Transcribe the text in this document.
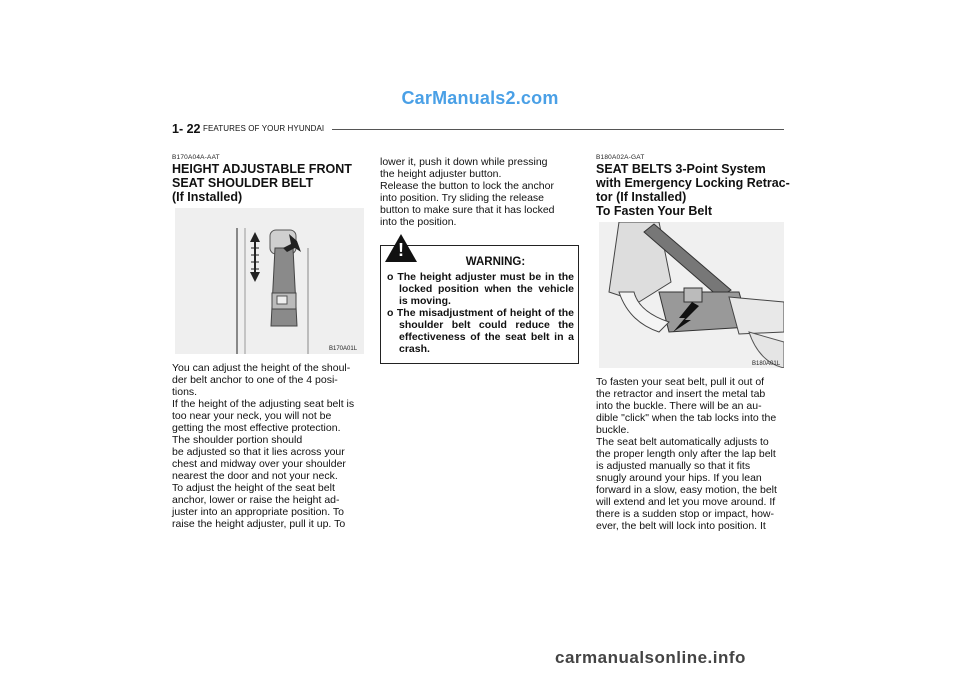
CarManuals2.com
1- 22 FEATURES OF YOUR HYUNDAI
B170A04A-AAT
HEIGHT ADJUSTABLE FRONT
SEAT SHOULDER BELT
(If Installed)
B170A01L
You can adjust the height of the shoul-
der belt anchor to one of the 4 posi-
tions.
If the height of the adjusting seat belt is
too near your neck, you will not be
getting the most effective protection.
The shoulder portion should
be adjusted so that it lies across your
chest and midway over your shoulder
nearest the door and not your neck.
To adjust the height of the seat belt
anchor, lower or raise the height ad-
juster into an appropriate position. To
raise the height adjuster, pull it up. To
lower it, push it down while pressing
the height adjuster button.
Release the button to lock the anchor
into position. Try sliding the release
button to make sure that it has locked
into the position.
WARNING:
o The height adjuster must be in the locked position when the vehicle is moving.
o The misadjustment of height of the shoulder belt could reduce the effectiveness of the seat belt in a crash.
!
B180A02A-GAT
SEAT BELTS 3-Point System
with Emergency Locking Retrac-
tor (If Installed)
To Fasten Your Belt
B180A01L
To fasten your seat belt, pull it out of
the retractor and insert the metal tab
into the buckle. There will be an au-
dible "click" when the tab locks into the
buckle.
The seat belt automatically adjusts to
the proper length only after the lap belt
is adjusted manually so that it fits
snugly around your hips. If you lean
forward in a slow, easy motion, the belt
will extend and let you move around. If
there is a sudden stop or impact, how-
ever, the belt will lock into position. It
carmanualsonline.info
